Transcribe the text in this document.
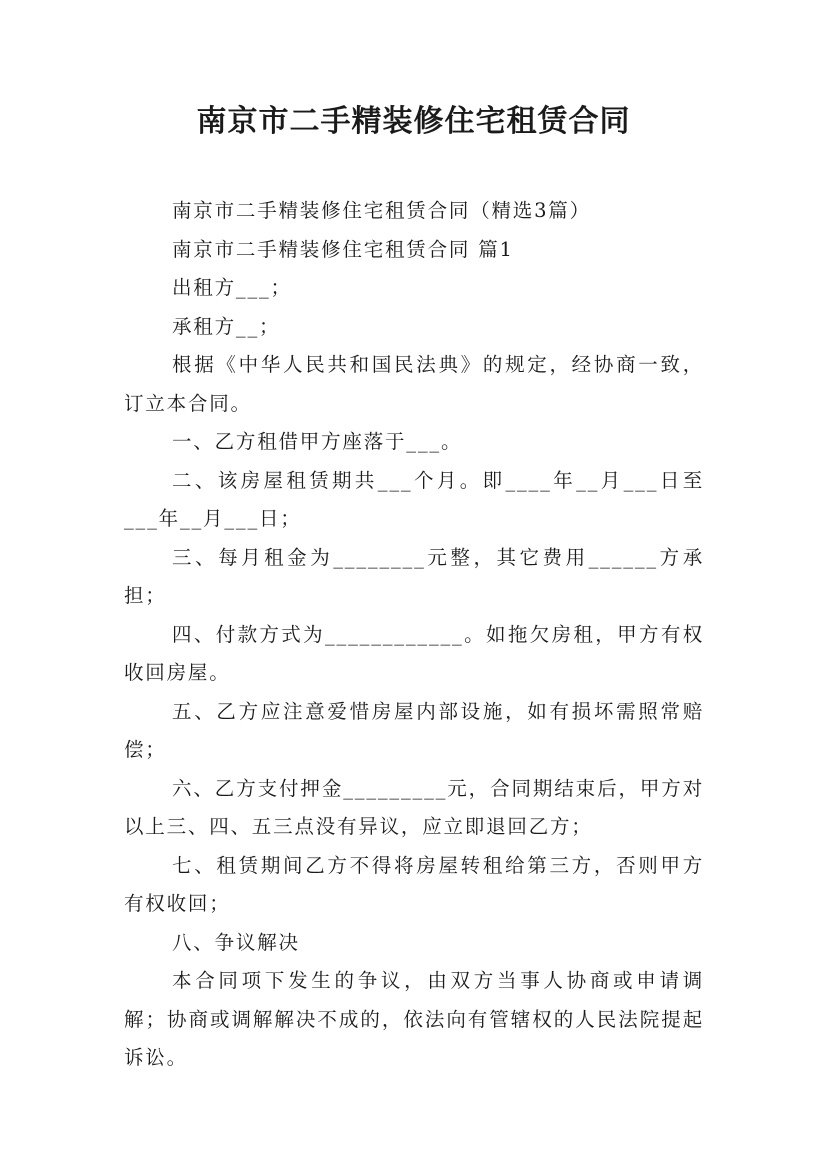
南京市二手精装修住宅租赁合同

南京市二手精装修住宅租赁合同（精选3篇）

南京市二手精装修住宅租赁合同 篇1

出租方___；

承租方__；

根据《中华人民共和国民法典》的规定，经协商一致，订立本合同。

一、乙方租借甲方座落于___。

二、该房屋租赁期共___个月。即____年__月___日至___年__月___日；

三、每月租金为________元整，其它费用______方承担；

四、付款方式为____________。如拖欠房租，甲方有权收回房屋。

五、乙方应注意爱惜房屋内部设施，如有损坏需照常赔偿；

六、乙方支付押金_________元，合同期结束后，甲方对以上三、四、五三点没有异议，应立即退回乙方；

七、租赁期间乙方不得将房屋转租给第三方，否则甲方有权收回；

八、争议解决

本合同项下发生的争议，由双方当事人协商或申请调解；协商或调解解决不成的，依法向有管辖权的人民法院提起诉讼。
